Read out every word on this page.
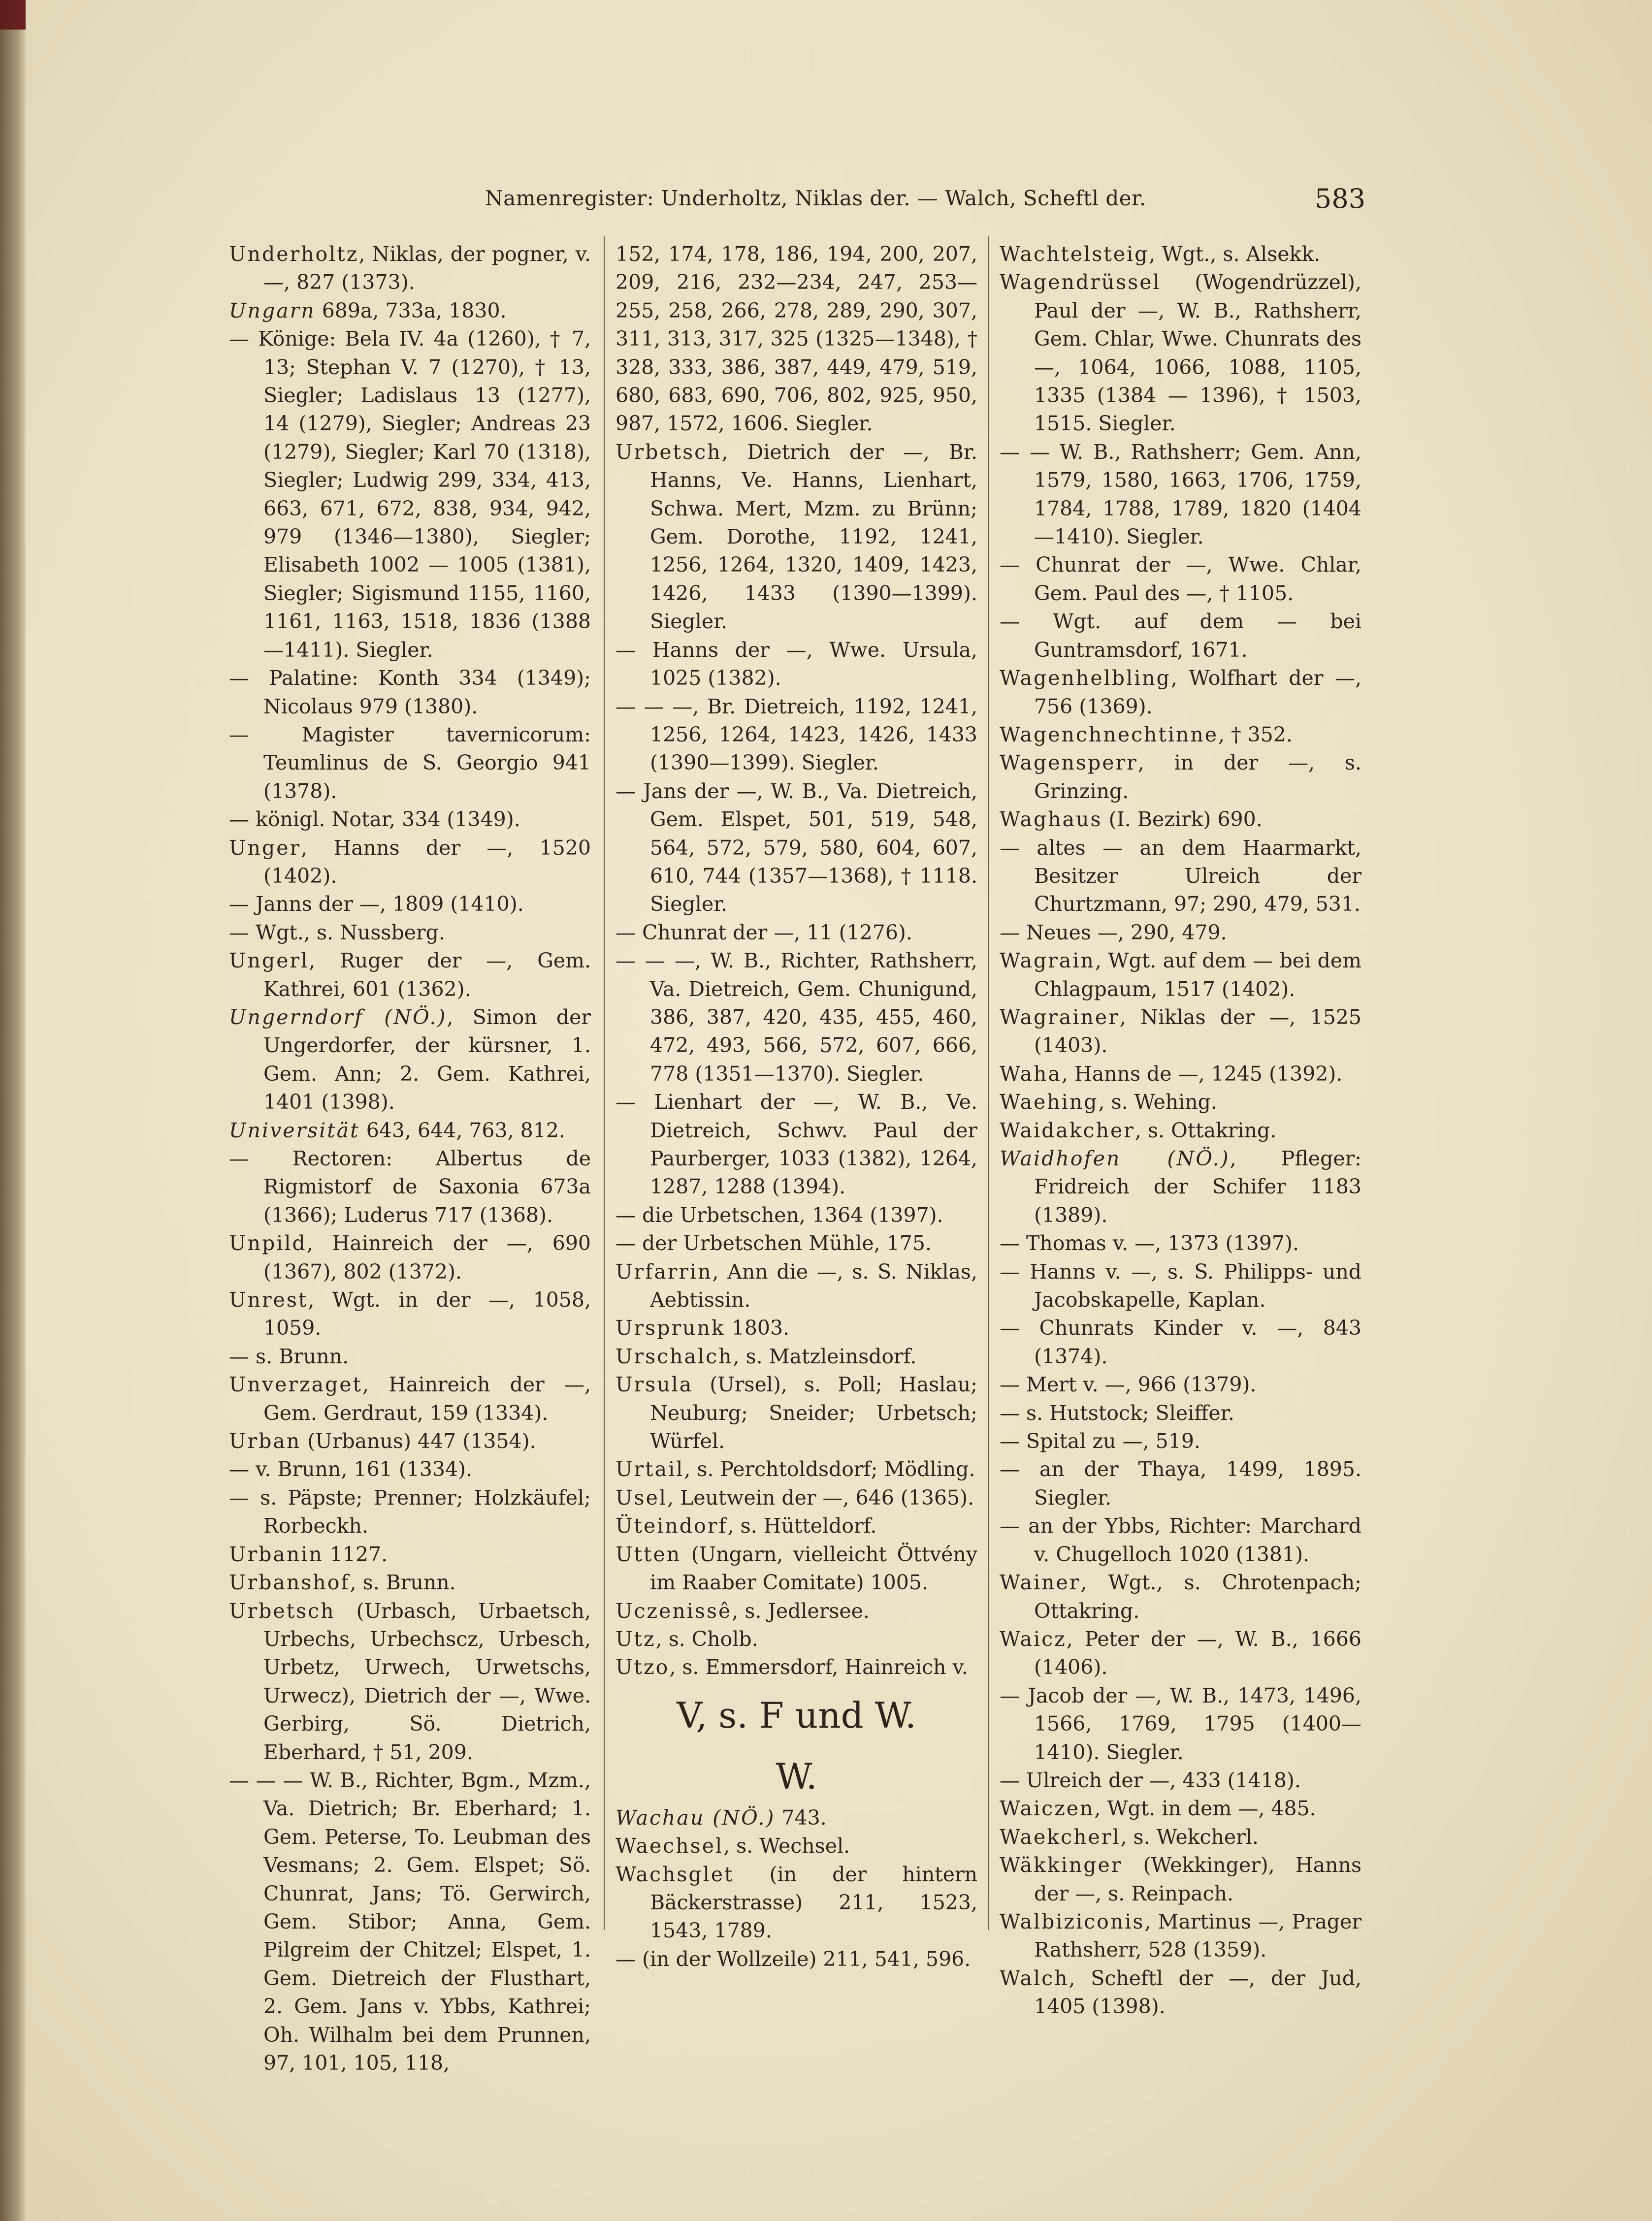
Namenregister: Underholtz, Niklas der. — Walch, Scheftl der.	583
Underholtz, Niklas, der pogner, v. —, 827 (1373).
Ungarn 689a, 733a, 1830.
— Könige: Bela IV. 4a (1260), † 7, 13; Stephan V. 7 (1270), † 13, Siegler; Ladislaus 13 (1277), 14 (1279), Siegler; Andreas 23 (1279), Siegler; Karl 70 (1318), Siegler; Ludwig 299, 334, 413, 663, 671, 672, 838, 934, 942, 979 (1346—1380), Siegler; Elisabeth 1002 — 1005 (1381), Siegler; Sigismund 1155, 1160, 1161, 1163, 1518, 1836 (1388—1411). Siegler.
— Palatine: Konth 334 (1349); Nicolaus 979 (1380).
— Magister tavernicorum: Teumlinus de S. Georgio 941 (1378).
— königl. Notar, 334 (1349).
Unger, Hanns der —, 1520 (1402).
— Janns der —, 1809 (1410).
— Wgt., s. Nussberg.
Ungerl, Ruger der —, Gem. Kathrei, 601 (1362).
Ungerndorf (NÖ.), Simon der Ungerdorfer, der kürsner, 1. Gem. Ann; 2. Gem. Kathrei, 1401 (1398).
Universität 643, 644, 763, 812.
— Rectoren: Albertus de Rigmistorf de Saxonia 673a (1366); Luderus 717 (1368).
Unpild, Hainreich der —, 690 (1367), 802 (1372).
Unrest, Wgt. in der —, 1058, 1059.
— s. Brunn.
Unverzaget, Hainreich der —, Gem. Gerdraut, 159 (1334).
Urban (Urbanus) 447 (1354).
— v. Brunn, 161 (1334).
— s. Päpste; Prenner; Holzkäufel; Rorbeckh.
Urbanin 1127.
Urbanshof, s. Brunn.
Urbetsch (Urbasch, Urbaetsch, Urbechs, Urbechscz, Urbesch, Urbetz, Urwech, Urwetschs, Urwecz), Dietrich der —, Wwe. Gerbirg, Sö. Dietrich, Eberhard, † 51, 209.
— — — W. B., Richter, Bgm., Mzm., Va. Dietrich; Br. Eberhard; 1. Gem. Peterse, To. Leubman des Vesmans; 2. Gem. Elspet; Sö. Chunrat, Jans; Tö. Gerwirch, Gem. Stibor; Anna, Gem. Pilgreim der Chitzel; Elspet, 1. Gem. Dietreich der Flusthart, 2. Gem. Jans v. Ybbs, Kathrei; Oh. Wilhalm bei dem Prunnen, 97, 101, 105, 118,
152, 174, 178, 186, 194, 200, 207, 209, 216, 232—234, 247, 253—255, 258, 266, 278, 289, 290, 307, 311, 313, 317, 325 (1325—1348), † 328, 333, 386, 387, 449, 479, 519, 680, 683, 690, 706, 802, 925, 950, 987, 1572, 1606. Siegler.
Urbetsch, Dietrich der —, Br. Hanns, Ve. Hanns, Lienhart, Schwa. Mert, Mzm. zu Brünn; Gem. Dorothe, 1192, 1241, 1256, 1264, 1320, 1409, 1423, 1426, 1433 (1390—1399). Siegler.
— Hanns der —, Wwe. Ursula, 1025 (1382).
— — —, Br. Dietreich, 1192, 1241, 1256, 1264, 1423, 1426, 1433 (1390—1399). Siegler.
— Jans der —, W. B., Va. Dietreich, Gem. Elspet, 501, 519, 548, 564, 572, 579, 580, 604, 607, 610, 744 (1357—1368), † 1118. Siegler.
— Chunrat der —, 11 (1276).
— — —, W. B., Richter, Rathsherr, Va. Dietreich, Gem. Chunigund, 386, 387, 420, 435, 455, 460, 472, 493, 566, 572, 607, 666, 778 (1351—1370). Siegler.
— Lienhart der —, W. B., Ve. Dietreich, Schwv. Paul der Paurberger, 1033 (1382), 1264, 1287, 1288 (1394).
— die Urbetschen, 1364 (1397).
— der Urbetschen Mühle, 175.
Urfarrin, Ann die —, s. S. Niklas, Aebtissin.
Ursprunk 1803.
Urschalch, s. Matzleinsdorf.
Ursula (Ursel), s. Poll; Haslau; Neuburg; Sneider; Urbetsch; Würfel.
Urtail, s. Perchtoldsdorf; Mödling.
Usel, Leutwein der —, 646 (1365).
Üteindorf, s. Hütteldorf.
Utten (Ungarn, vielleicht Öttvény im Raaber Comitate) 1005.
Uczenissê, s. Jedlersee.
Utz, s. Cholb.
Utzo, s. Emmersdorf, Hainreich v.
V, s. F und W.
W.
Wachau (NÖ.) 743.
Waechsel, s. Wechsel.
Wachsglet (in der hintern Bäckerstrasse) 211, 1523, 1543, 1789.
— (in der Wollzeile) 211, 541, 596.
Wachtelsteig, Wgt., s. Alsekk.
Wagendrüssel (Wogendrüzzel), Paul der —, W. B., Rathsherr, Gem. Chlar, Wwe. Chunrats des —, 1064, 1066, 1088, 1105, 1335 (1384 — 1396), † 1503, 1515. Siegler.
— — W. B., Rathsherr; Gem. Ann, 1579, 1580, 1663, 1706, 1759, 1784, 1788, 1789, 1820 (1404—1410). Siegler.
— Chunrat der —, Wwe. Chlar, Gem. Paul des —, † 1105.
— Wgt. auf dem — bei Guntramsdorf, 1671.
Wagenhelbling, Wolfhart der —, 756 (1369).
Wagenchnechtinne, † 352.
Wagensperr, in der —, s. Grinzing.
Waghaus (I. Bezirk) 690.
— altes — an dem Haarmarkt, Besitzer Ulreich der Churtzmann, 97; 290, 479, 531.
— Neues —, 290, 479.
Wagrain, Wgt. auf dem — bei dem Chlagpaum, 1517 (1402).
Wagrainer, Niklas der —, 1525 (1403).
Waha, Hanns de —, 1245 (1392).
Waehing, s. Wehing.
Waidakcher, s. Ottakring.
Waidhofen (NÖ.), Pfleger: Fridreich der Schifer 1183 (1389).
— Thomas v. —, 1373 (1397).
— Hanns v. —, s. S. Philipps- und Jacobskapelle, Kaplan.
— Chunrats Kinder v. —, 843 (1374).
— Mert v. —, 966 (1379).
— s. Hutstock; Sleiffer.
— Spital zu —, 519.
— an der Thaya, 1499, 1895. Siegler.
— an der Ybbs, Richter: Marchard v. Chugelloch 1020 (1381).
Wainer, Wgt., s. Chrotenpach; Ottakring.
Waicz, Peter der —, W. B., 1666 (1406).
— Jacob der —, W. B., 1473, 1496, 1566, 1769, 1795 (1400—1410). Siegler.
— Ulreich der —, 433 (1418).
Waiczen, Wgt. in dem —, 485.
Waekcherl, s. Wekcherl.
Wäkkinger (Wekkinger), Hanns der —, s. Reinpach.
Walbiziconis, Martinus —, Prager Rathsherr, 528 (1359).
Walch, Scheftl der —, der Jud, 1405 (1398).
